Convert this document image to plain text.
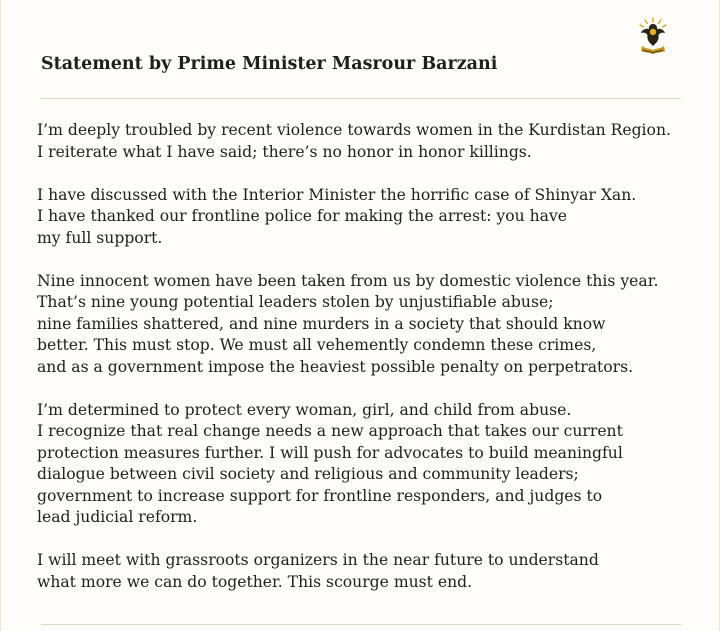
Statement by Prime Minister Masrour Barzani

I’m deeply troubled by recent violence towards women in the Kurdistan Region.
I reiterate what I have said; there’s no honor in honor killings.

I have discussed with the Interior Minister the horrific case of Shinyar Xan.
I have thanked our frontline police for making the arrest: you have
my full support.

Nine innocent women have been taken from us by domestic violence this year.
That’s nine young potential leaders stolen by unjustifiable abuse;
nine families shattered, and nine murders in a society that should know
better. This must stop. We must all vehemently condemn these crimes,
and as a government impose the heaviest possible penalty on perpetrators.

I’m determined to protect every woman, girl, and child from abuse.
I recognize that real change needs a new approach that takes our current
protection measures further. I will push for advocates to build meaningful
dialogue between civil society and religious and community leaders;
government to increase support for frontline responders, and judges to
lead judicial reform.

I will meet with grassroots organizers in the near future to understand
what more we can do together. This scourge must end.
